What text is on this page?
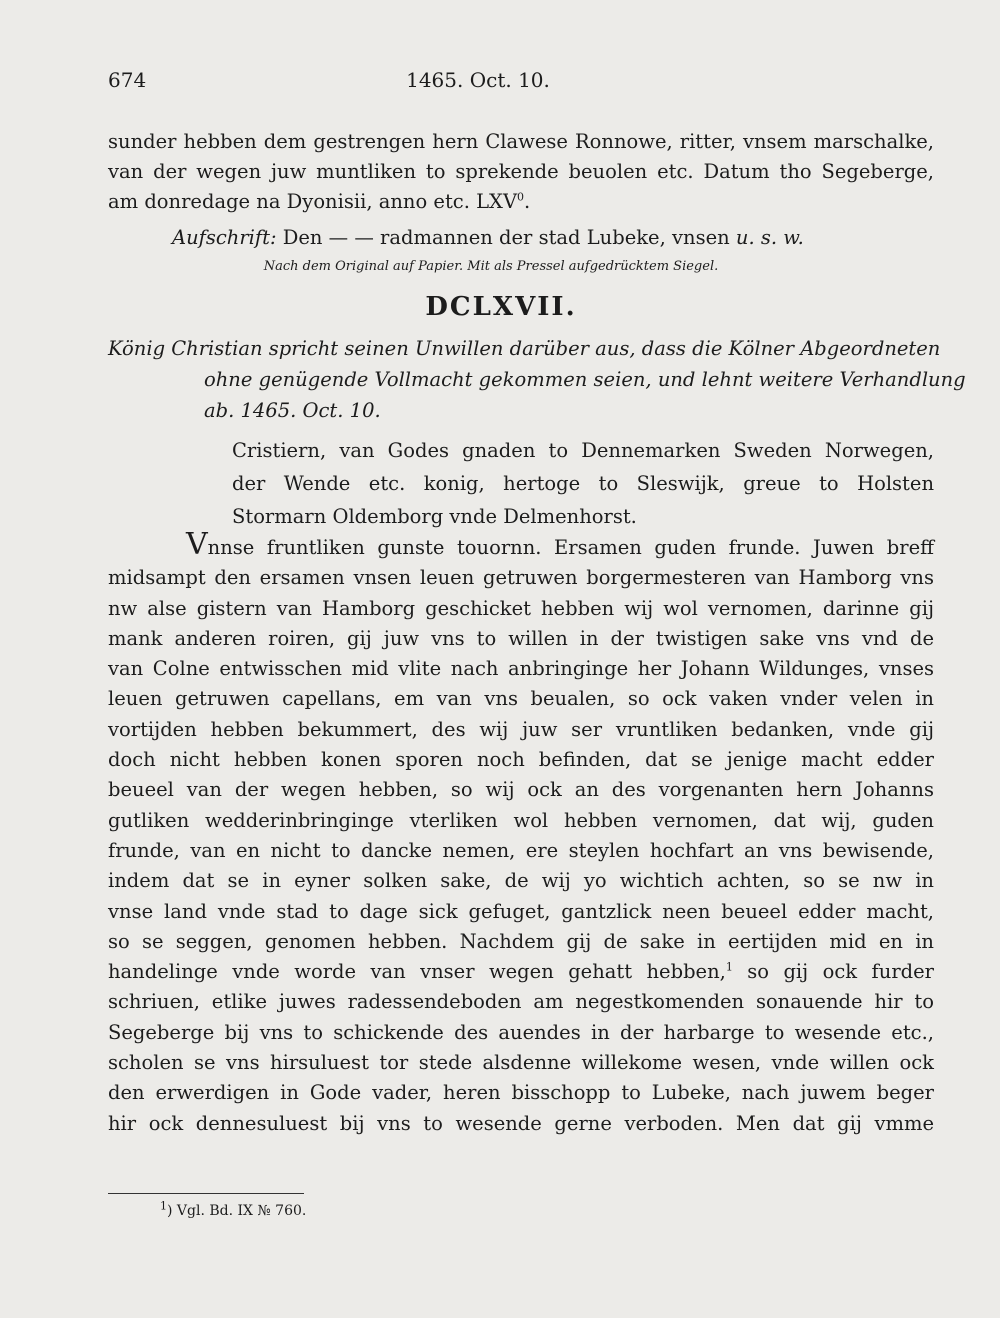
674	1465. Oct. 10.
sunder hebben dem gestrengen hern Clawese Ronnowe, ritter, vnsem marschalke,
van der wegen juw muntliken to sprekende beuolen etc. Datum tho Segeberge,
am donredage na Dyonisii, anno etc. LXV$^0$.
Aufschrift: Den — — radmannen der stad Lubeke, vnsen u. s. w.
Nach dem Original auf Papier. Mit als Pressel aufgedrücktem Siegel.
DCLXVII.
König Christian spricht seinen Unwillen darüber aus, dass die Kölner Abgeordneten
ohne genügende Vollmacht gekommen seien, und lehnt weitere Verhandlung
ab. 1465. Oct. 10.
Cristiern, van Godes gnaden to Dennemarken Sweden Norwegen,
der Wende etc. konig, hertoge to Sleswijk, greue to Holsten
Stormarn Oldemborg vnde Delmenhorst.
Vnnse fruntliken gunste touornn. Ersamen guden frunde. Juwen breff
midsampt den ersamen vnsen leuen getruwen borgermesteren van Hamborg vns
nw alse gistern van Hamborg geschicket hebben wij wol vernomen, darinne gij
mank anderen roiren, gij juw vns to willen in der twistigen sake vns vnd de
van Colne entwisschen mid vlite nach anbringinge her Johann Wildunges, vnses
leuen getruwen capellans, em van vns beualen, so ock vaken vnder velen in
vortijden hebben bekummert, des wij juw ser vruntliken bedanken, vnde gij
doch nicht hebben konen sporen noch befinden, dat se jenige macht edder
beueel van der wegen hebben, so wij ock an des vorgenanten hern Johanns
gutliken wedderinbringinge vterliken wol hebben vernomen, dat wij, guden
frunde, van en nicht to dancke nemen, ere steylen hochfart an vns bewisende,
indem dat se in eyner solken sake, de wij yo wichtich achten, so se nw in
vnse land vnde stad to dage sick gefuget, gantzlick neen beueel edder macht,
so se seggen, genomen hebben. Nachdem gij de sake in eertijden mid en in
handelinge vnde worde van vnser wegen gehatt hebben,$^1$ so gij ock furder
schriuen, etlike juwes radessendeboden am negestkomenden sonauende hir to
Segeberge bij vns to schickende des auendes in der harbarge to wesende etc.,
scholen se vns hirsuluest tor stede alsdenne willekome wesen, vnde willen ock
den erwerdigen in Gode vader, heren bisschopp to Lubeke, nach juwem beger
hir ock dennesuluest bij vns to wesende gerne verboden. Men dat gij vmme
$^1$) Vgl. Bd. IX № 760.
